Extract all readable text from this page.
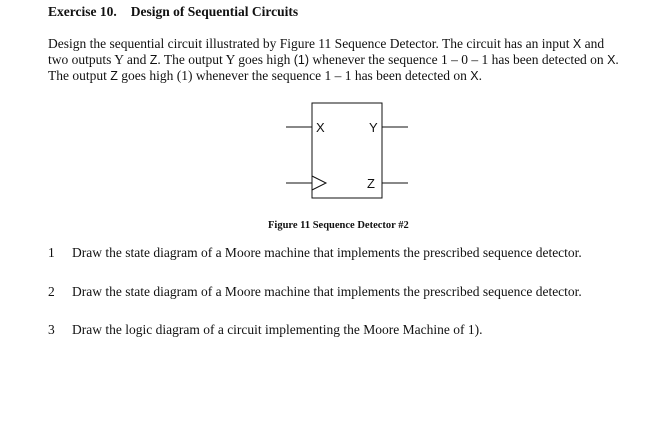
Exercise 10. Design of Sequential Circuits
Design the sequential circuit illustrated by Figure 11 Sequence Detector. The circuit has an input X and
two outputs Y and Z. The output Y goes high (1) whenever the sequence 1 – 0 – 1 has been detected on X.
The output Z goes high (1) whenever the sequence 1 – 1 has been detected on X.
X	Y
Z
Figure 11 Sequence Detector #2
1 Draw the state diagram of a Moore machine that implements the prescribed sequence detector.
2 Draw the state diagram of a Moore machine that implements the prescribed sequence detector.
3 Draw the logic diagram of a circuit implementing the Moore Machine of 1).
